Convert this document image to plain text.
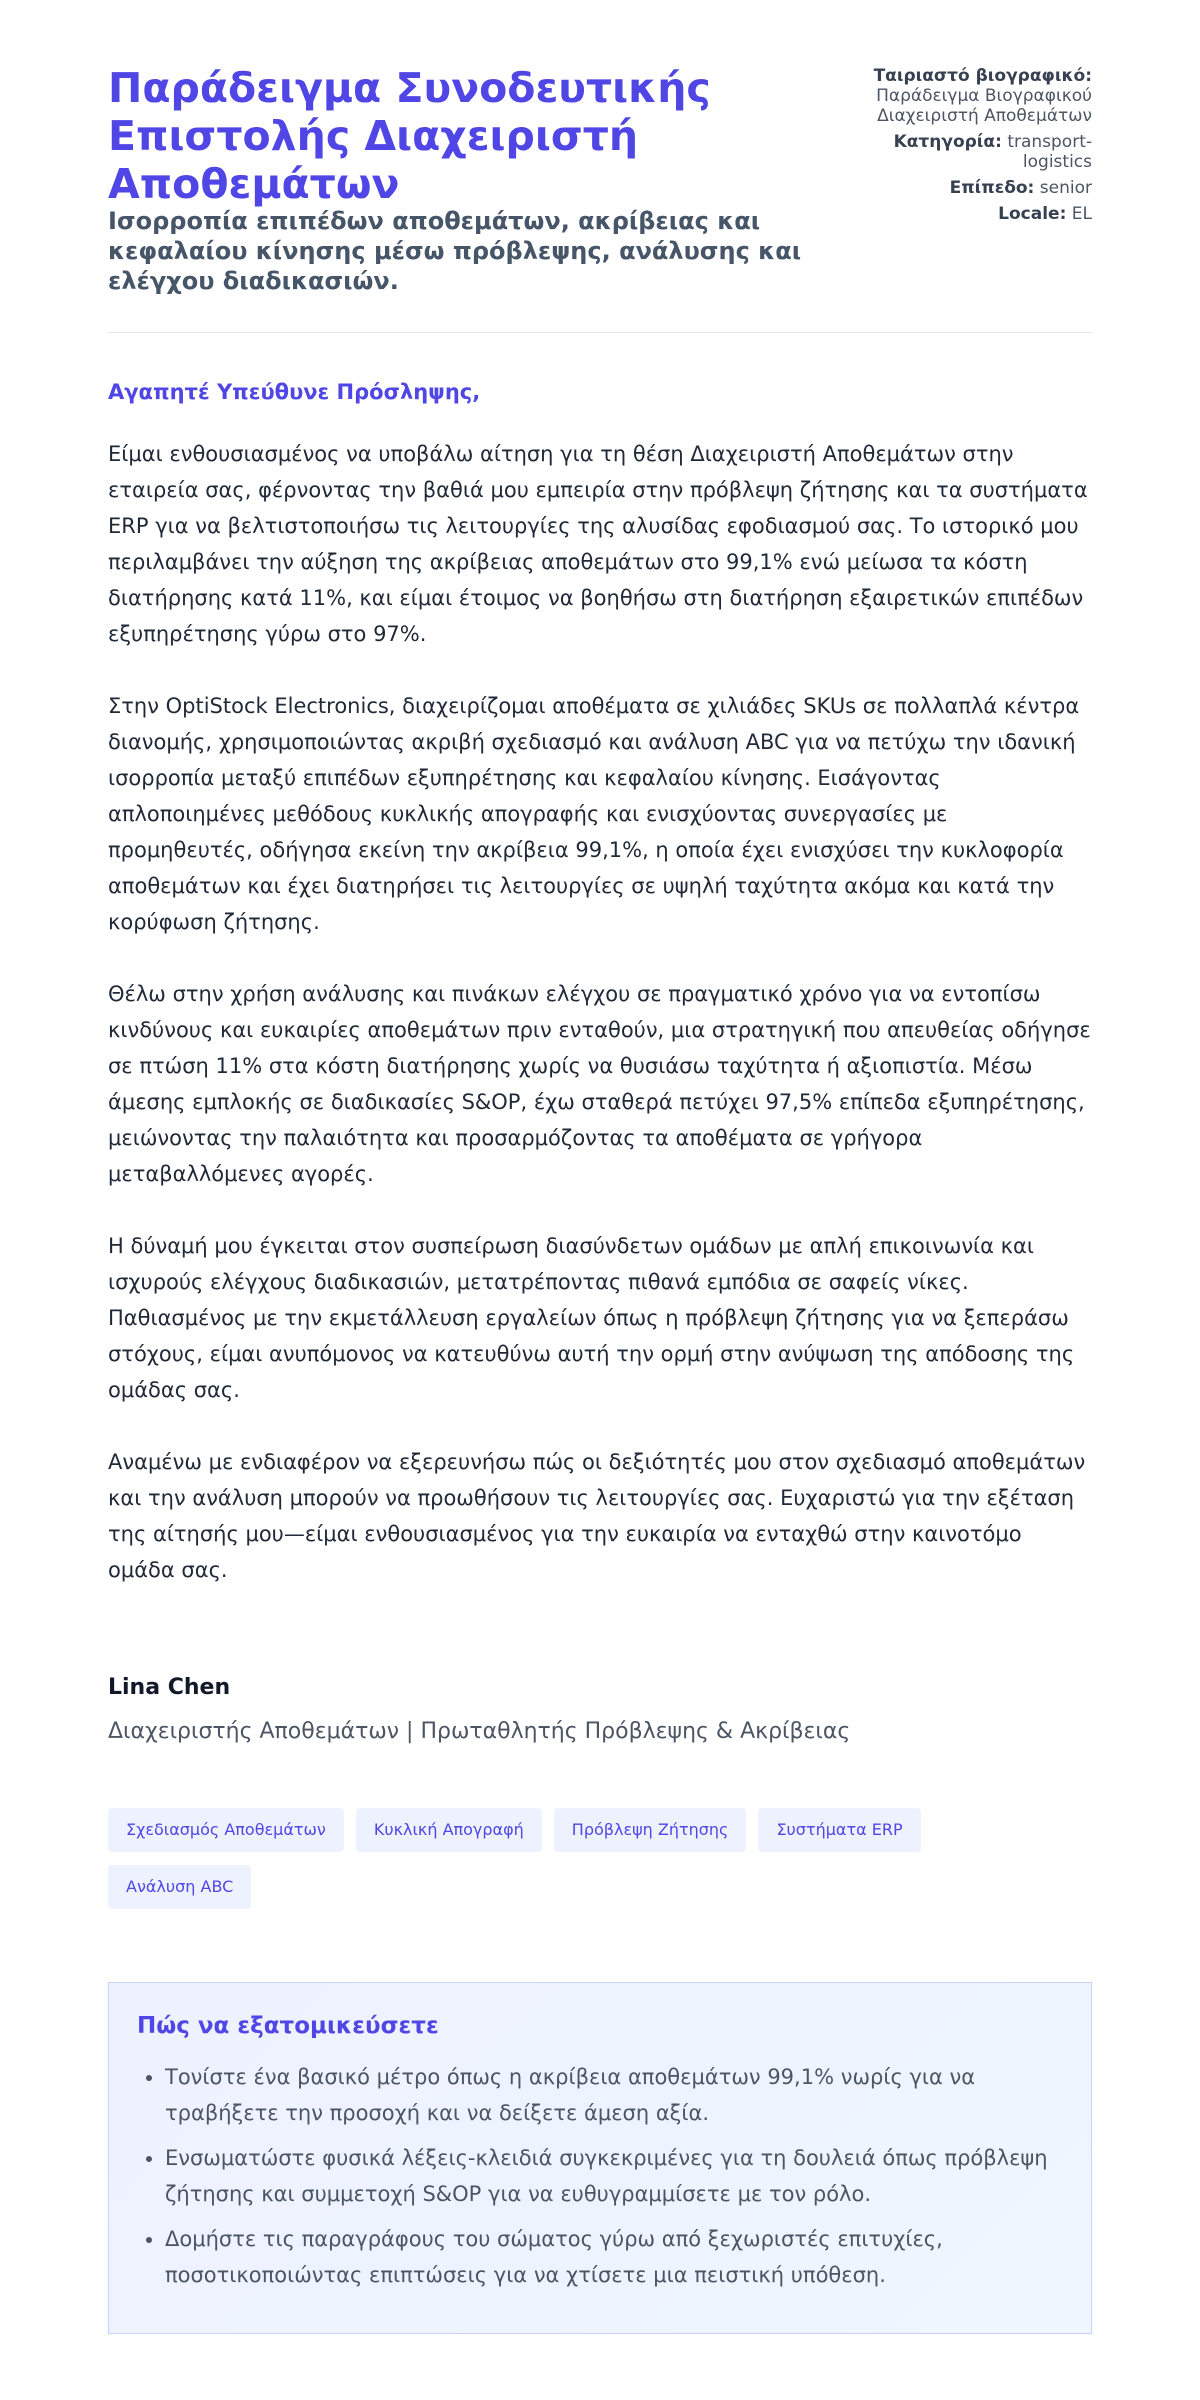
Παράδειγμα Συνοδευτικής Επιστολής Διαχειριστή Αποθεμάτων
Ισορροπία επιπέδων αποθεμάτων, ακρίβειας και κεφαλαίου κίνησης μέσω πρόβλεψης, ανάλυσης και ελέγχου διαδικασιών.
Ταιριαστό βιογραφικό:
Παράδειγμα Βιογραφικού Διαχειριστή Αποθεμάτων
Κατηγορία: transport-logistics
Επίπεδο: senior
Locale: EL

Αγαπητέ Υπεύθυνε Πρόσληψης,

Είμαι ενθουσιασμένος να υποβάλω αίτηση για τη θέση Διαχειριστή Αποθεμάτων στην εταιρεία σας, φέρνοντας την βαθιά μου εμπειρία στην πρόβλεψη ζήτησης και τα συστήματα ERP για να βελτιστοποιήσω τις λειτουργίες της αλυσίδας εφοδιασμού σας. Το ιστορικό μου περιλαμβάνει την αύξηση της ακρίβειας αποθεμάτων στο 99,1% ενώ μείωσα τα κόστη διατήρησης κατά 11%, και είμαι έτοιμος να βοηθήσω στη διατήρηση εξαιρετικών επιπέδων εξυπηρέτησης γύρω στο 97%.

Στην OptiStock Electronics, διαχειρίζομαι αποθέματα σε χιλιάδες SKUs σε πολλαπλά κέντρα διανομής, χρησιμοποιώντας ακριβή σχεδιασμό και ανάλυση ABC για να πετύχω την ιδανική ισορροπία μεταξύ επιπέδων εξυπηρέτησης και κεφαλαίου κίνησης. Εισάγοντας απλοποιημένες μεθόδους κυκλικής απογραφής και ενισχύοντας συνεργασίες με προμηθευτές, οδήγησα εκείνη την ακρίβεια 99,1%, η οποία έχει ενισχύσει την κυκλοφορία αποθεμάτων και έχει διατηρήσει τις λειτουργίες σε υψηλή ταχύτητα ακόμα και κατά την κορύφωση ζήτησης.

Θέλω στην χρήση ανάλυσης και πινάκων ελέγχου σε πραγματικό χρόνο για να εντοπίσω κινδύνους και ευκαιρίες αποθεμάτων πριν ενταθούν, μια στρατηγική που απευθείας οδήγησε σε πτώση 11% στα κόστη διατήρησης χωρίς να θυσιάσω ταχύτητα ή αξιοπιστία. Μέσω άμεσης εμπλοκής σε διαδικασίες S&OP, έχω σταθερά πετύχει 97,5% επίπεδα εξυπηρέτησης, μειώνοντας την παλαιότητα και προσαρμόζοντας τα αποθέματα σε γρήγορα μεταβαλλόμενες αγορές.

Η δύναμή μου έγκειται στον συσπείρωση διασύνδετων ομάδων με απλή επικοινωνία και ισχυρούς ελέγχους διαδικασιών, μετατρέποντας πιθανά εμπόδια σε σαφείς νίκες. Παθιασμένος με την εκμετάλλευση εργαλείων όπως η πρόβλεψη ζήτησης για να ξεπεράσω στόχους, είμαι ανυπόμονος να κατευθύνω αυτή την ορμή στην ανύψωση της απόδοσης της ομάδας σας.

Αναμένω με ενδιαφέρον να εξερευνήσω πώς οι δεξιότητές μου στον σχεδιασμό αποθεμάτων και την ανάλυση μπορούν να προωθήσουν τις λειτουργίες σας. Ευχαριστώ για την εξέταση της αίτησής μου—είμαι ενθουσιασμένος για την ευκαιρία να ενταχθώ στην καινοτόμο ομάδα σας.

Lina Chen
Διαχειριστής Αποθεμάτων | Πρωταθλητής Πρόβλεψης & Ακρίβειας
Σχεδιασμός Αποθεμάτων	Κυκλική Απογραφή	Πρόβλεψη Ζήτησης	Συστήματα ERP
Ανάλυση ABC
Πώς να εξατομικεύσετε
• Τονίστε ένα βασικό μέτρο όπως η ακρίβεια αποθεμάτων 99,1% νωρίς για να τραβήξετε την προσοχή και να δείξετε άμεση αξία.
• Ενσωματώστε φυσικά λέξεις-κλειδιά συγκεκριμένες για τη δουλειά όπως πρόβλεψη ζήτησης και συμμετοχή S&OP για να ευθυγραμμίσετε με τον ρόλο.
• Δομήστε τις παραγράφους του σώματος γύρω από ξεχωριστές επιτυχίες, ποσοτικοποιώντας επιπτώσεις για να χτίσετε μια πειστική υπόθεση.
